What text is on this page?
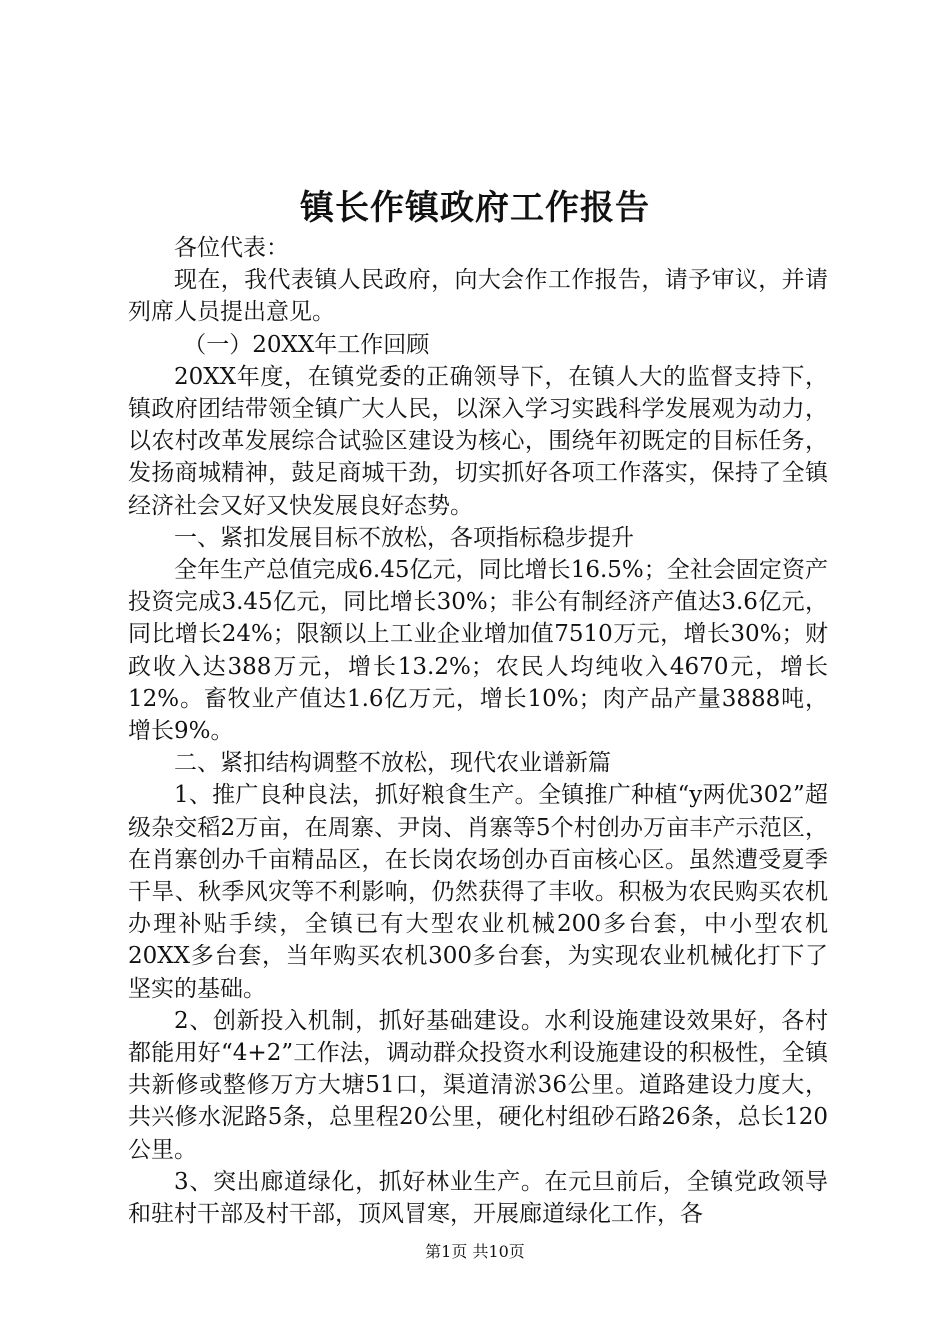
镇长作镇政府工作报告

各位代表：

现在，我代表镇人民政府，向大会作工作报告，请予审议，并请列席人员提出意见。

（一）20XX年工作回顾

20XX年度，在镇党委的正确领导下，在镇人大的监督支持下，镇政府团结带领全镇广大人民，以深入学习实践科学发展观为动力，以农村改革发展综合试验区建设为核心，围绕年初既定的目标任务，发扬商城精神，鼓足商城干劲，切实抓好各项工作落实，保持了全镇经济社会又好又快发展良好态势。

一、紧扣发展目标不放松，各项指标稳步提升

全年生产总值完成6.45亿元，同比增长16.5%；全社会固定资产投资完成3.45亿元，同比增长30%；非公有制经济产值达3.6亿元，同比增长24%；限额以上工业企业增加值7510万元，增长30%；财政收入达388万元，增长13.2%；农民人均纯收入4670元，增长12%。畜牧业产值达1.6亿万元，增长10%；肉产品产量3888吨，增长9%。

二、紧扣结构调整不放松，现代农业谱新篇

1、推广良种良法，抓好粮食生产。全镇推广种植“y两优302”超级杂交稻2万亩，在周寨、尹岗、肖寨等5个村创办万亩丰产示范区，在肖寨创办千亩精品区，在长岗农场创办百亩核心区。虽然遭受夏季干旱、秋季风灾等不利影响，仍然获得了丰收。积极为农民购买农机办理补贴手续，全镇已有大型农业机械200多台套，中小型农机20XX多台套，当年购买农机300多台套，为实现农业机械化打下了坚实的基础。

2、创新投入机制，抓好基础建设。水利设施建设效果好，各村都能用好“4+2”工作法，调动群众投资水利设施建设的积极性，全镇共新修或整修万方大塘51口，渠道清淤36公里。道路建设力度大，共兴修水泥路5条，总里程20公里，硬化村组砂石路26条，总长120公里。

3、突出廊道绿化，抓好林业生产。在元旦前后，全镇党政领导和驻村干部及村干部，顶风冒寒，开展廊道绿化工作，各

第1页 共10页
